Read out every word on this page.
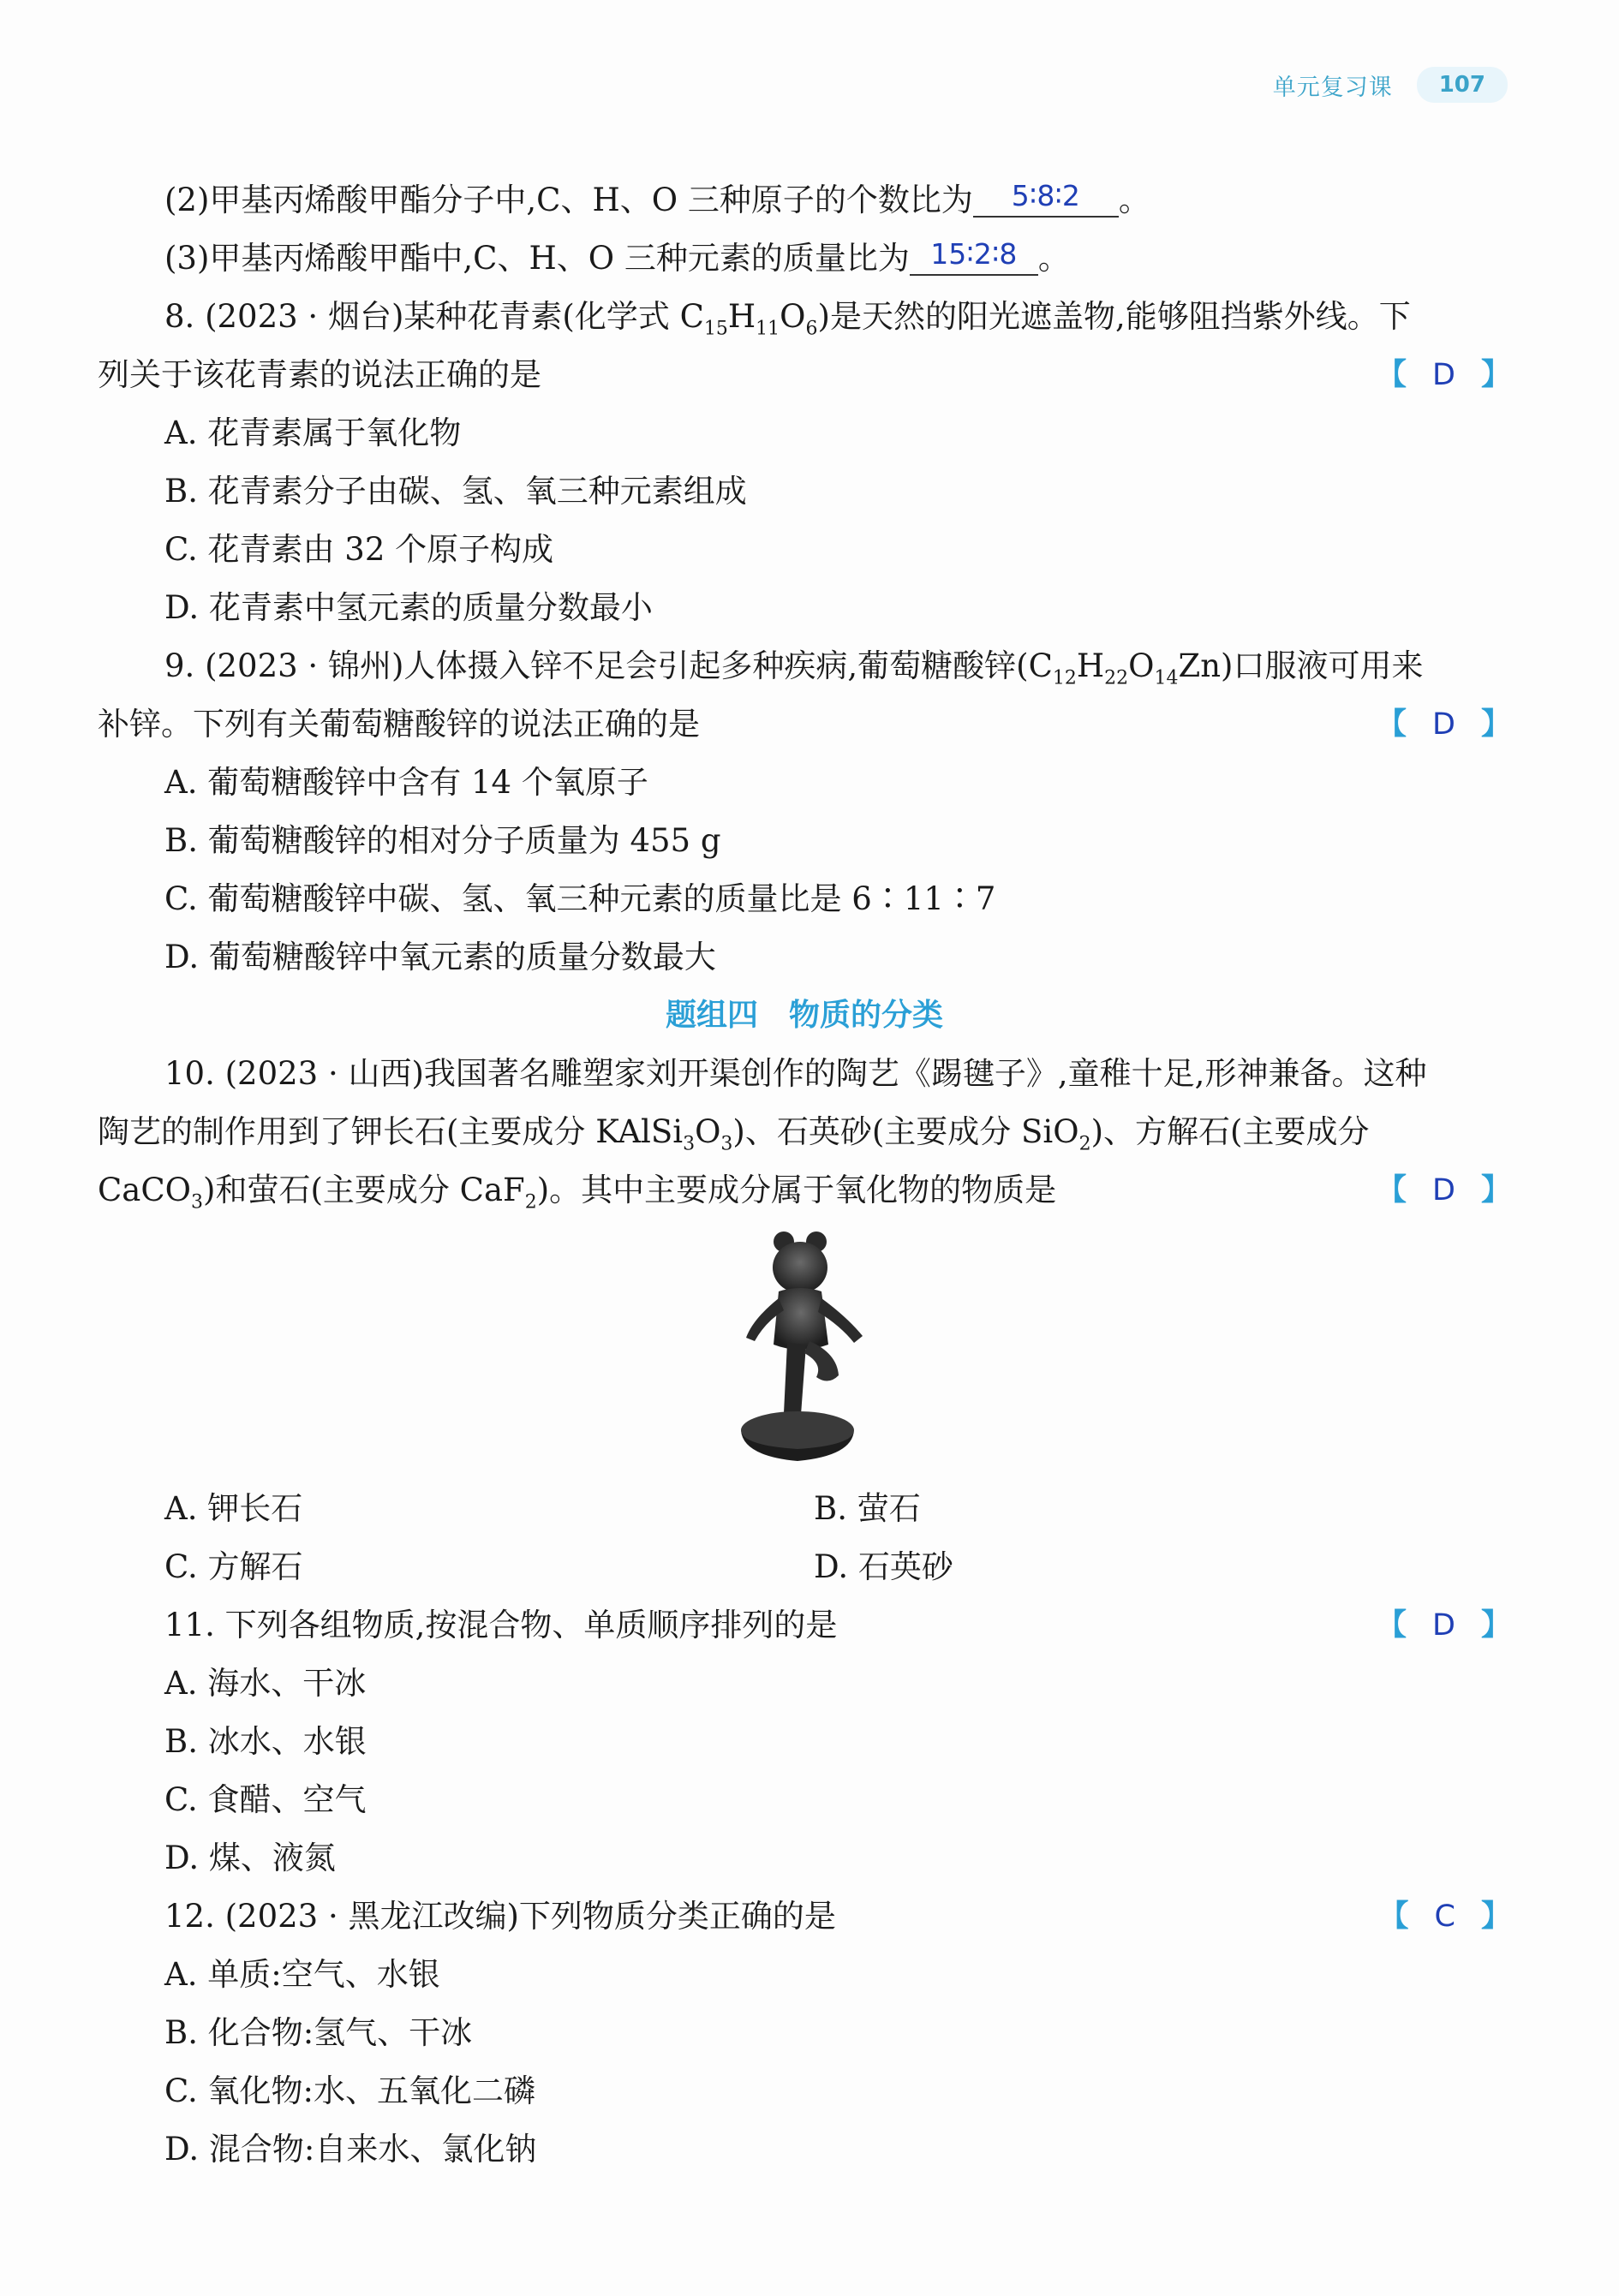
单元复习课	107
(2)甲基丙烯酸甲酯分子中,C、H、O 三种原子的个数比为 5∶8∶2 。
(3)甲基丙烯酸甲酯中,C、H、O 三种元素的质量比为 15∶2∶8 。
8. (2023 · 烟台)某种花青素(化学式 $C_{15}H_{11}O_6$)是天然的阳光遮盖物,能够阻挡紫外线。下
列关于该花青素的说法正确的是	【 D 】
A. 花青素属于氧化物
B. 花青素分子由碳、氢、氧三种元素组成
C. 花青素由 32 个原子构成
D. 花青素中氢元素的质量分数最小
9. (2023 · 锦州)人体摄入锌不足会引起多种疾病,葡萄糖酸锌$(C_{12}H_{22}O_{14}Zn)$口服液可用来
补锌。下列有关葡萄糖酸锌的说法正确的是	【 D 】
A. 葡萄糖酸锌中含有 14 个氧原子
B. 葡萄糖酸锌的相对分子质量为 455 g
C. 葡萄糖酸锌中碳、氢、氧三种元素的质量比是 6∶11∶7
D. 葡萄糖酸锌中氧元素的质量分数最大
题组四　物质的分类
10. (2023 · 山西)我国著名雕塑家刘开渠创作的陶艺《踢毽子》,童稚十足,形神兼备。这种
陶艺的制作用到了钾长石(主要成分 $KAlSi_3O_3$)、石英砂(主要成分 SiO$_2$)、方解石(主要成分
CaCO$_3$)和萤石(主要成分 CaF$_2$)。其中主要成分属于氧化物的物质是	【 D 】
A. 钾长石	B. 萤石
C. 方解石	D. 石英砂
11. 下列各组物质,按混合物、单质顺序排列的是	【 D 】
A. 海水、干冰
B. 冰水、水银
C. 食醋、空气
D. 煤、液氮
12. (2023 · 黑龙江改编)下列物质分类正确的是	【 C 】
A. 单质:空气、水银
B. 化合物:氢气、干冰
C. 氧化物:水、五氧化二磷
D. 混合物:自来水、氯化钠
